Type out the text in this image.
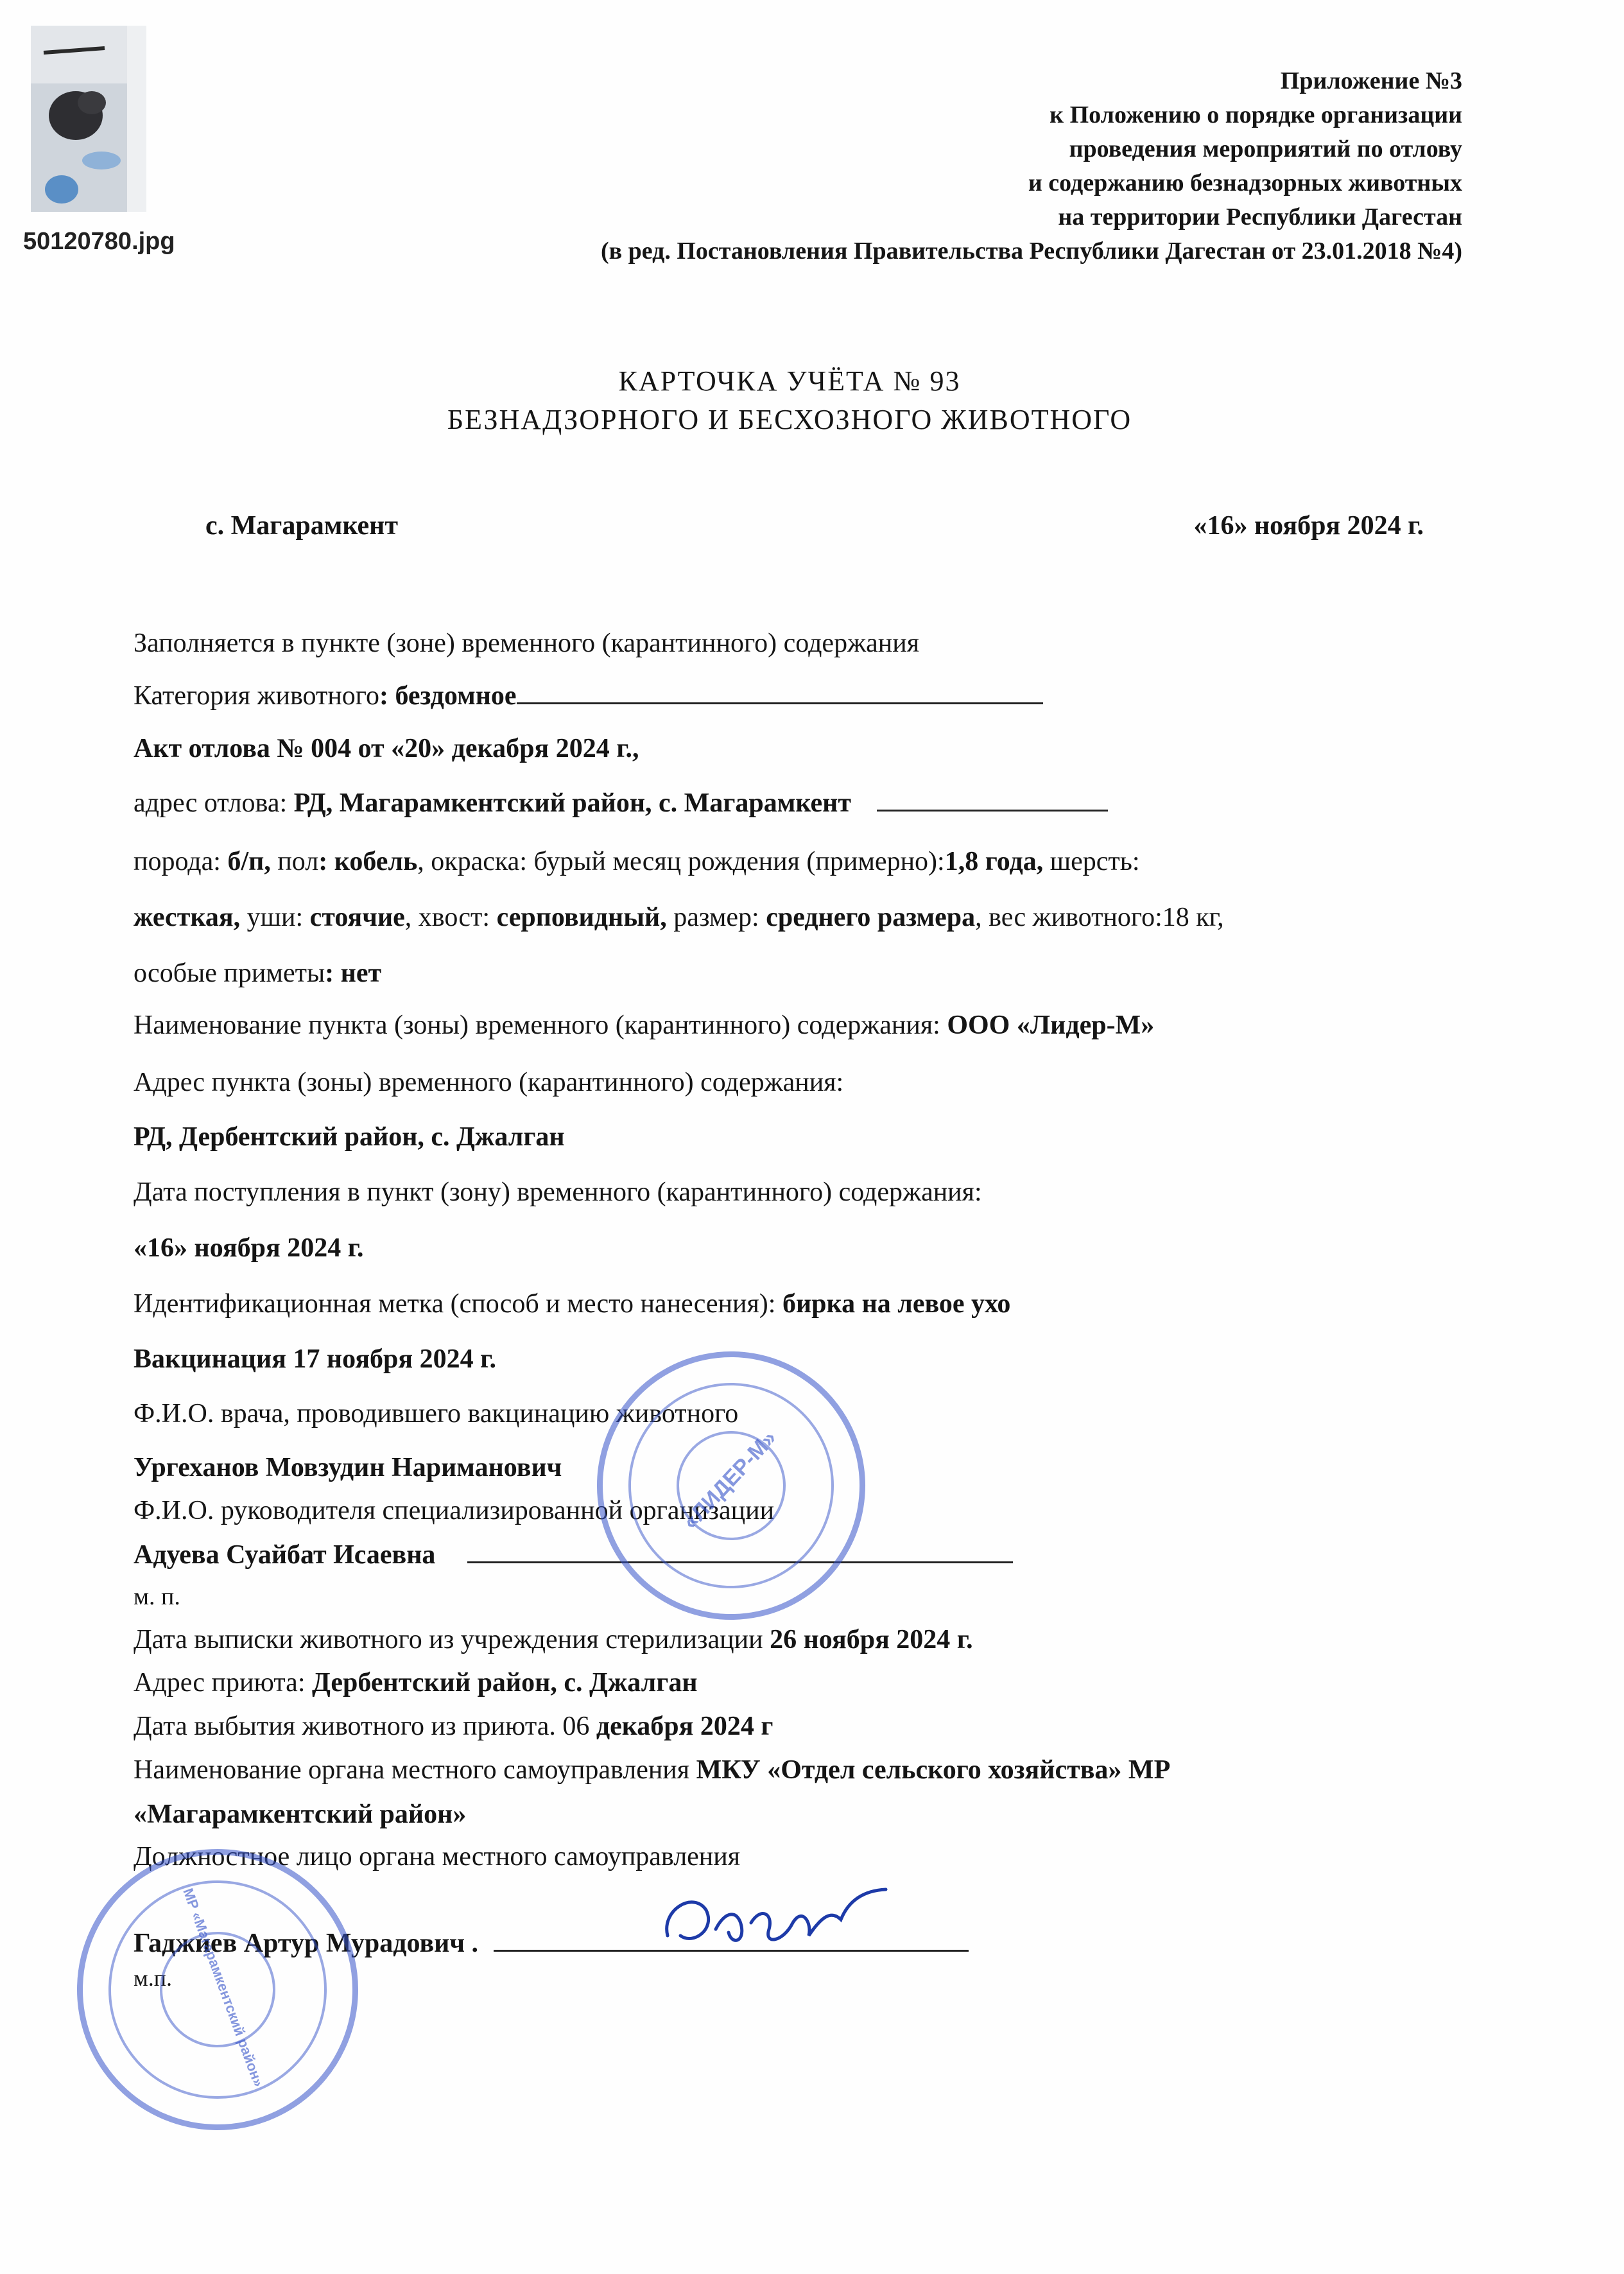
50120780.jpg
Приложение №3
к Положению о порядке организации
проведения мероприятий по отлову
и содержанию безнадзорных животных
на территории Республики Дагестан
(в ред. Постановления Правительства Республики Дагестан от 23.01.2018 №4)
КАРТОЧКА УЧЁТА № 93
БЕЗНАДЗОРНОГО И БЕСХОЗНОГО ЖИВОТНОГО
с. Магарамкент	«16» ноября 2024 г.
Заполняется в пункте (зоне) временного (карантинного) содержания
Категория животного: бездомное
Акт отлова № 004 от «20» декабря 2024 г.,
адрес отлова: РД, Магарамкентский район, с. Магарамкент
порода: б/п, пол: кобель, окраска: бурый месяц рождения (примерно):1,8 года, шерсть:
жесткая, уши: стоячие, хвост: серповидный, размер: среднего размера, вес животного:18 кг,
особые приметы: нет
Наименование пункта (зоны) временного (карантинного) содержания: ООО «Лидер-М»
Адрес пункта (зоны) временного (карантинного) содержания:
РД, Дербентский район, с. Джалган
Дата поступления в пункт (зону) временного (карантинного) содержания:
«16» ноября 2024 г.
Идентификационная метка (способ и место нанесения): бирка на левое ухо
Вакцинация 17 ноября 2024 г.
Ф.И.О. врача, проводившего вакцинацию животного
Ургеханов Мовзудин Нариманович
Ф.И.О. руководителя специализированной организации
Адуева Суайбат Исаевна
м. п.
Дата выписки животного из учреждения стерилизации 26 ноября 2024 г.
Адрес приюта: Дербентский район, с. Джалган
Дата выбытия животного из приюта. 06 декабря 2024 г
Наименование органа местного самоуправления МКУ «Отдел сельского хозяйства» МР
«Магарамкентский район»
Должностное лицо органа местного самоуправления
Гаджиев Артур Мурадович .
м.п.
«ЛИДЕР-М»
МР «Магарамкентский район»
